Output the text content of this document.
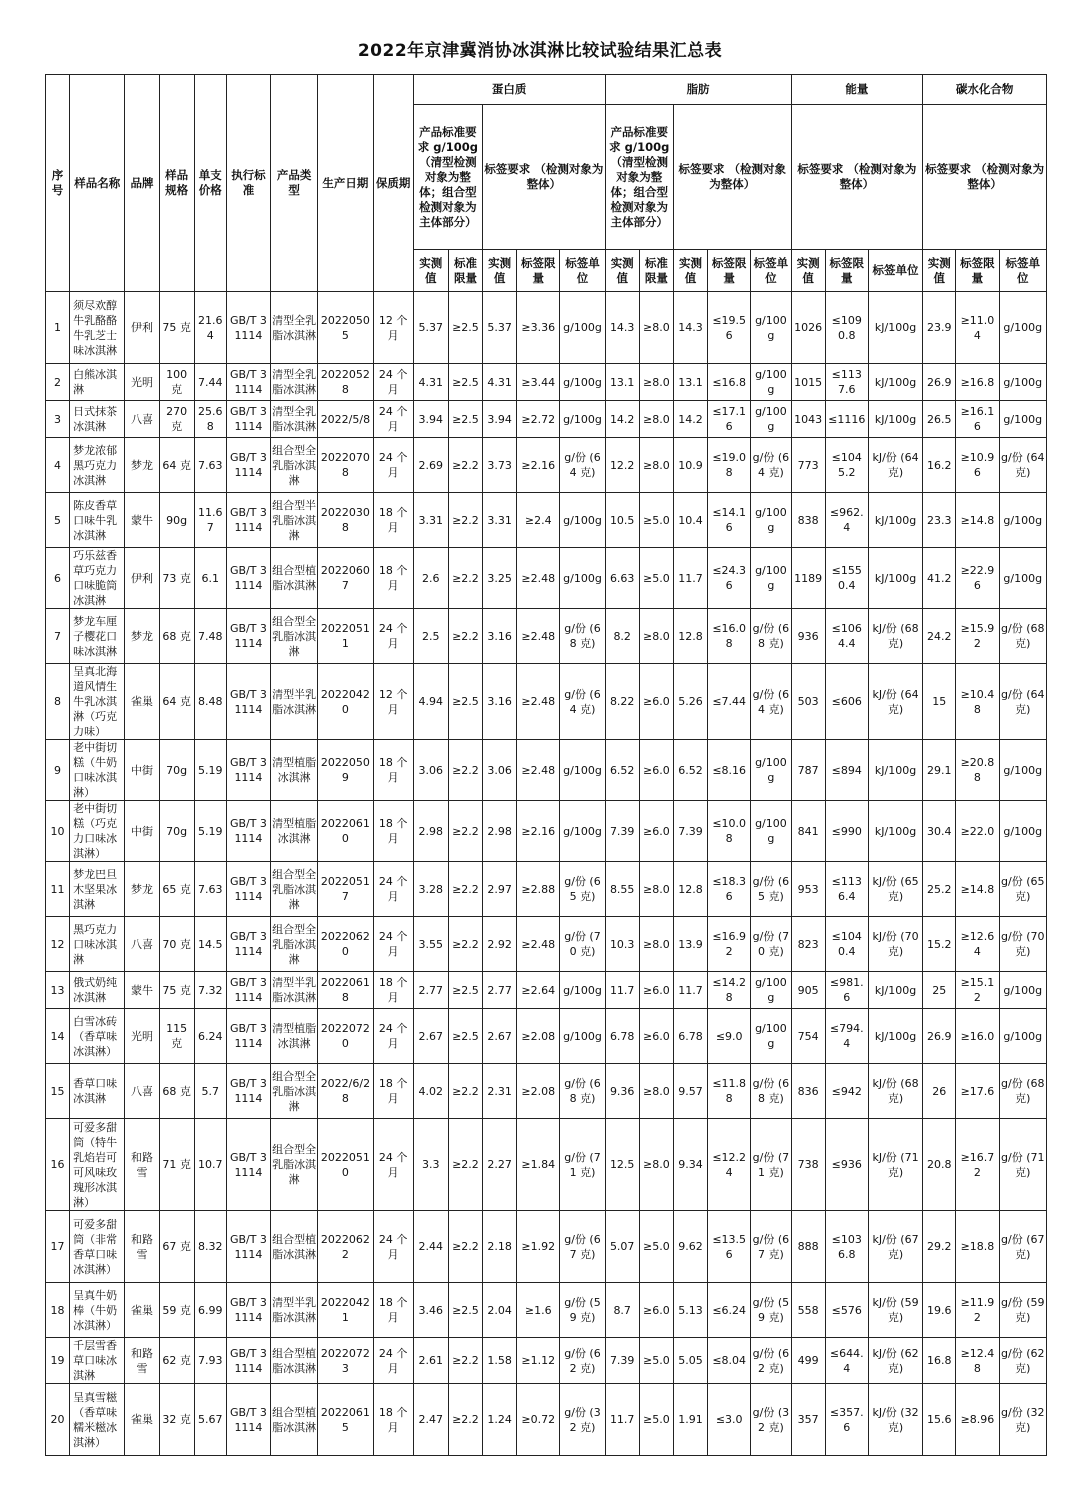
2022年京津冀消协冰淇淋比较试验结果汇总表
序号	样品名称	品牌	样品规格	单支价格	执行标准	产品类型	生产日期	保质期	蛋白质					脂肪					能量			碳水化合物		
									产品标准要求 g/100g （清型检测对象为整体；组合型检测对象为主体部分）		标签要求 （检测对象为整体）			产品标准要求 g/100g （清型检测对象为整体；组合型检测对象为主体部分）		标签要求 （检测对象为整体）			标签要求 （检测对象为整体）			标签要求 （检测对象为整体）		
									实测值	标准限量	实测值	标签限量	标签单位	实测值	标准限量	实测值	标签限量	标签单位	实测值	标签限量	标签单位	实测值	标签限量	标签单位
1	须尽欢醇牛乳酪酪牛乳芝士味冰淇淋	伊利	75 克	21.64	GB/T 31114	清型全乳脂冰淇淋	20220505	12 个月	5.37	≥2.5	5.37	≥3.36	g/100g	14.3	≥8.0	14.3	≤19.56	g/100g	1026	≤1090.8	kJ/100g	23.9	≥11.04	g/100g
2	白熊冰淇淋	光明	100 克	7.44	GB/T 31114	清型全乳脂冰淇淋	20220528	24 个月	4.31	≥2.5	4.31	≥3.44	g/100g	13.1	≥8.0	13.1	≤16.8	g/100g	1015	≤1137.6	kJ/100g	26.9	≥16.8	g/100g
3	日式抹茶冰淇淋	八喜	270 克	25.68	GB/T 31114	清型全乳脂冰淇淋	2022/5/8	24 个月	3.94	≥2.5	3.94	≥2.72	g/100g	14.2	≥8.0	14.2	≤17.16	g/100g	1043	≤1116	kJ/100g	26.5	≥16.16	g/100g
4	梦龙浓郁黑巧克力冰淇淋	梦龙	64 克	7.63	GB/T 31114	组合型全乳脂冰淇淋	20220708	24 个月	2.69	≥2.2	3.73	≥2.16	g/份 (64 克)	12.2	≥8.0	10.9	≤19.08	g/份 (64 克)	773	≤1045.2	kJ/份 (64 克)	16.2	≥10.96	g/份 (64 克)
5	陈皮香草口味牛乳冰淇淋	蒙牛	90g	11.67	GB/T 31114	组合型半乳脂冰淇淋	20220308	18 个月	3.31	≥2.2	3.31	≥2.4	g/100g	10.5	≥5.0	10.4	≤14.16	g/100g	838	≤962.4	kJ/100g	23.3	≥14.8	g/100g
6	巧乐兹香草巧克力口味脆筒冰淇淋	伊利	73 克	6.1	GB/T 31114	组合型植脂冰淇淋	20220607	18 个月	2.6	≥2.2	3.25	≥2.48	g/100g	6.63	≥5.0	11.7	≤24.36	g/100g	1189	≤1550.4	kJ/100g	41.2	≥22.96	g/100g
7	梦龙车厘子樱花口味冰淇淋	梦龙	68 克	7.48	GB/T 31114	组合型全乳脂冰淇淋	20220511	24 个月	2.5	≥2.2	3.16	≥2.48	g/份 (68 克)	8.2	≥8.0	12.8	≤16.08	g/份 (68 克)	936	≤1064.4	kJ/份 (68 克)	24.2	≥15.92	g/份 (68 克)
8	呈真北海道风情生牛乳冰淇淋（巧克力味）	雀巢	64 克	8.48	GB/T 31114	清型半乳脂冰淇淋	20220420	12 个月	4.94	≥2.5	3.16	≥2.48	g/份 (64 克)	8.22	≥6.0	5.26	≤7.44	g/份 (64 克)	503	≤606	kJ/份 (64 克)	15	≥10.48	g/份 (64 克)
9	老中街切糕（牛奶口味冰淇淋）	中街	70g	5.19	GB/T 31114	清型植脂冰淇淋	20220509	18 个月	3.06	≥2.2	3.06	≥2.48	g/100g	6.52	≥6.0	6.52	≤8.16	g/100g	787	≤894	kJ/100g	29.1	≥20.88	g/100g
10	老中街切糕（巧克力口味冰淇淋）	中街	70g	5.19	GB/T 31114	清型植脂冰淇淋	20220610	18 个月	2.98	≥2.2	2.98	≥2.16	g/100g	7.39	≥6.0	7.39	≤10.08	g/100g	841	≤990	kJ/100g	30.4	≥22.0	g/100g
11	梦龙巴旦木坚果冰淇淋	梦龙	65 克	7.63	GB/T 31114	组合型全乳脂冰淇淋	20220517	24 个月	3.28	≥2.2	2.97	≥2.88	g/份 (65 克)	8.55	≥8.0	12.8	≤18.36	g/份 (65 克)	953	≤1136.4	kJ/份 (65 克)	25.2	≥14.8	g/份 (65 克)
12	黑巧克力口味冰淇淋	八喜	70 克	14.5	GB/T 31114	组合型全乳脂冰淇淋	20220620	24 个月	3.55	≥2.2	2.92	≥2.48	g/份 (70 克)	10.3	≥8.0	13.9	≤16.92	g/份 (70 克)	823	≤1040.4	kJ/份 (70 克)	15.2	≥12.64	g/份 (70 克)
13	俄式奶纯冰淇淋	蒙牛	75 克	7.32	GB/T 31114	清型半乳脂冰淇淋	20220618	18 个月	2.77	≥2.5	2.77	≥2.64	g/100g	11.7	≥6.0	11.7	≤14.28	g/100g	905	≤981.6	kJ/100g	25	≥15.12	g/100g
14	白雪冰砖（香草味冰淇淋）	光明	115 克	6.24	GB/T 31114	清型植脂冰淇淋	20220720	24 个月	2.67	≥2.5	2.67	≥2.08	g/100g	6.78	≥6.0	6.78	≤9.0	g/100g	754	≤794.4	kJ/100g	26.9	≥16.0	g/100g
15	香草口味冰淇淋	八喜	68 克	5.7	GB/T 31114	组合型全乳脂冰淇淋	2022/6/28	18 个月	4.02	≥2.2	2.31	≥2.08	g/份 (68 克)	9.36	≥8.0	9.57	≤11.88	g/份 (68 克)	836	≤942	kJ/份 (68 克)	26	≥17.6	g/份 (68 克)
16	可爱多甜筒（特牛乳焰岩可可风味玫瑰形冰淇淋）	和路雪	71 克	10.7	GB/T 31114	组合型全乳脂冰淇淋	20220510	24 个月	3.3	≥2.2	2.27	≥1.84	g/份 (71 克)	12.5	≥8.0	9.34	≤12.24	g/份 (71 克)	738	≤936	kJ/份 (71 克)	20.8	≥16.72	g/份 (71 克)
17	可爱多甜筒（非常香草口味冰淇淋）	和路雪	67 克	8.32	GB/T 31114	组合型植脂冰淇淋	20220622	24 个月	2.44	≥2.2	2.18	≥1.92	g/份 (67 克)	5.07	≥5.0	9.62	≤13.56	g/份 (67 克)	888	≤1036.8	kJ/份 (67 克)	29.2	≥18.8	g/份 (67 克)
18	呈真牛奶棒（牛奶冰淇淋）	雀巢	59 克	6.99	GB/T 31114	清型半乳脂冰淇淋	20220421	18 个月	3.46	≥2.5	2.04	≥1.6	g/份 (59 克)	8.7	≥6.0	5.13	≤6.24	g/份 (59 克)	558	≤576	kJ/份 (59 克)	19.6	≥11.92	g/份 (59 克)
19	千层雪香草口味冰淇淋	和路雪	62 克	7.93	GB/T 31114	组合型植脂冰淇淋	20220723	24 个月	2.61	≥2.2	1.58	≥1.12	g/份 (62 克)	7.39	≥5.0	5.05	≤8.04	g/份 (62 克)	499	≤644.4	kJ/份 (62 克)	16.8	≥12.48	g/份 (62 克)
20	呈真雪糍（香草味糯米糍冰淇淋）	雀巢	32 克	5.67	GB/T 31114	组合型植脂冰淇淋	20220615	18 个月	2.47	≥2.2	1.24	≥0.72	g/份 (32 克)	11.7	≥5.0	1.91	≤3.0	g/份 (32 克)	357	≤357.6	kJ/份 (32 克)	15.6	≥8.96	g/份 (32 克)
